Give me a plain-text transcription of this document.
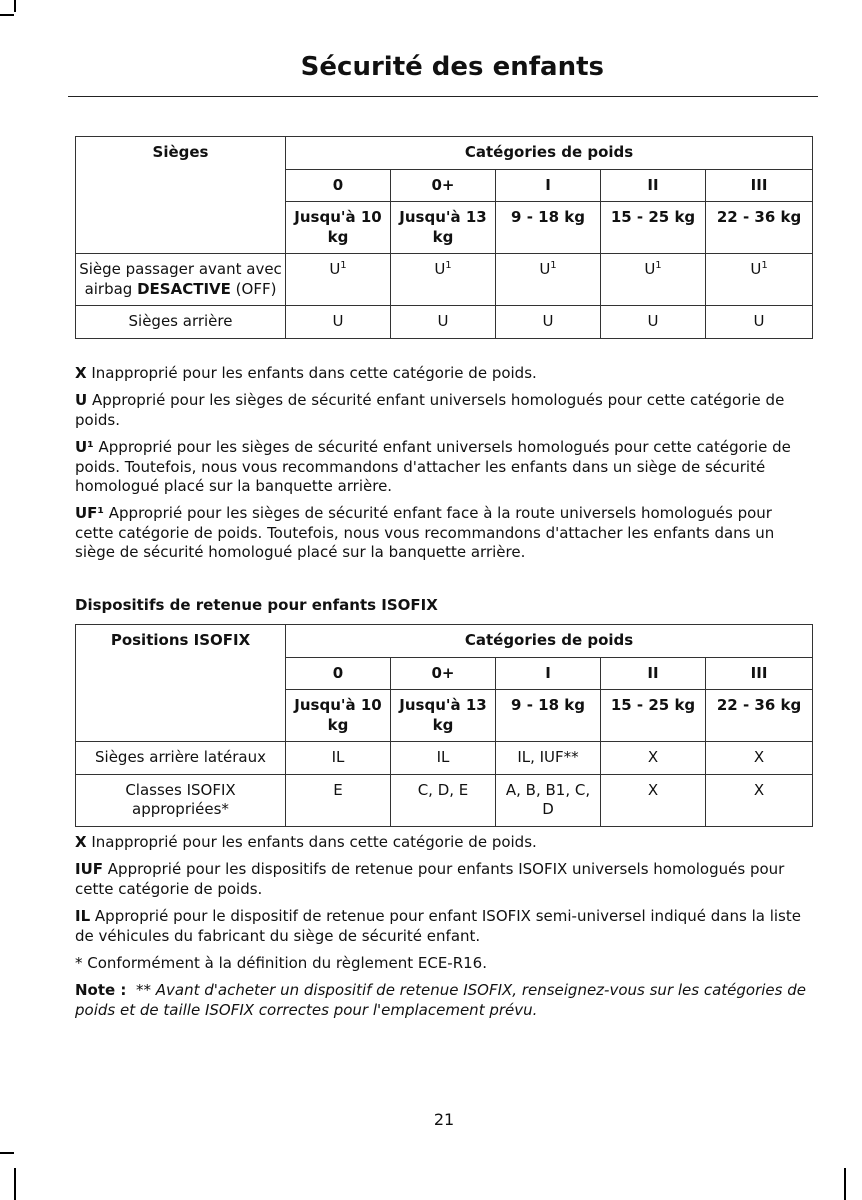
Sécurité des enfants
Sièges	Catégories de poids				
	0	0+	I	II	III
	Jusqu'à 10 kg	Jusqu'à 13 kg	9 - 18 kg	15 - 25 kg	22 - 36 kg
Siège passager avant avec airbag DESACTIVE (OFF)	$U^1$	$U^1$	$U^1$	$U^1$	$U^1$
Sièges arrière	U	U	U	U	U

X Inapproprié pour les enfants dans cette catégorie de poids.

U Approprié pour les sièges de sécurité enfant universels homologués pour cette catégorie de poids.

U¹ Approprié pour les sièges de sécurité enfant universels homologués pour cette catégorie de poids. Toutefois, nous vous recommandons d'attacher les enfants dans un siège de sécurité homologué placé sur la banquette arrière.

UF¹ Approprié pour les sièges de sécurité enfant face à la route universels homologués pour cette catégorie de poids. Toutefois, nous vous recommandons d'attacher les enfants dans un siège de sécurité homologué placé sur la banquette arrière.

Dispositifs de retenue pour enfants ISOFIX

Positions ISOFIX	Catégories de poids				
	0	0+	I	II	III
	Jusqu'à 10 kg	Jusqu'à 13 kg	9 - 18 kg	15 - 25 kg	22 - 36 kg
Sièges arrière latéraux	IL	IL	IL, IUF**	X	X
Classes ISOFIX appropriées*	E	C, D, E	A, B, B1, C, D	X	X

X Inapproprié pour les enfants dans cette catégorie de poids.

IUF Approprié pour les dispositifs de retenue pour enfants ISOFIX universels homologués pour cette catégorie de poids.

IL Approprié pour le dispositif de retenue pour enfant ISOFIX semi-universel indiqué dans la liste de véhicules du fabricant du siège de sécurité enfant.

* Conformément à la définition du règlement ECE-R16.

Note : ** Avant d'acheter un dispositif de retenue ISOFIX, renseignez-vous sur les catégories de poids et de taille ISOFIX correctes pour l'emplacement prévu.

21
